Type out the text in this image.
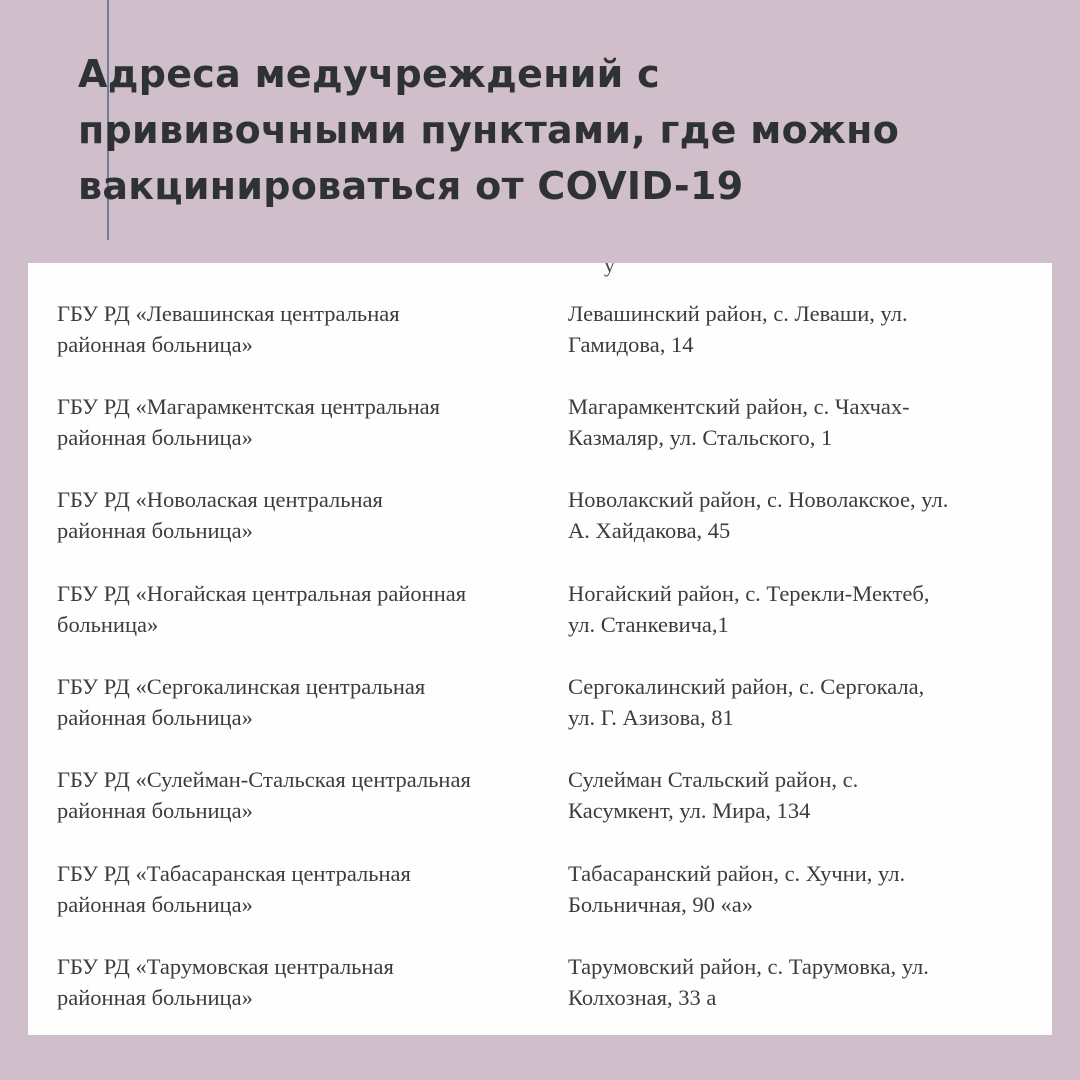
Адреса медучреждений с
прививочными пунктами, где можно
вакцинироваться от COVID-19
у
ГБУ РД «Левашинская центральная
районная больница»
Левашинский район, с. Леваши, ул.
Гамидова, 14
ГБУ РД «Магарамкентская центральная
районная больница»
Магарамкентский район, с. Чахчах-
Казмаляр, ул. Стальского, 1
ГБУ РД «Новолаская центральная
районная больница»
Новолакский район, с. Новолакское, ул.
А. Хайдакова, 45
ГБУ РД «Ногайская центральная районная
больница»
Ногайский район, с. Терекли-Мектеб,
ул. Станкевича,1
ГБУ РД «Сергокалинская центральная
районная больница»
Сергокалинский район, с. Сергокала,
ул. Г. Азизова, 81
ГБУ РД «Сулейман-Стальская центральная
районная больница»
Сулейман Стальский район, с.
Касумкент, ул. Мира, 134
ГБУ РД «Табасаранская центральная
районная больница»
Табасаранский район, с. Хучни, ул.
Больничная, 90 «а»
ГБУ РД «Тарумовская центральная
районная больница»
Тарумовский район, с. Тарумовка, ул.
Колхозная, 33 а
